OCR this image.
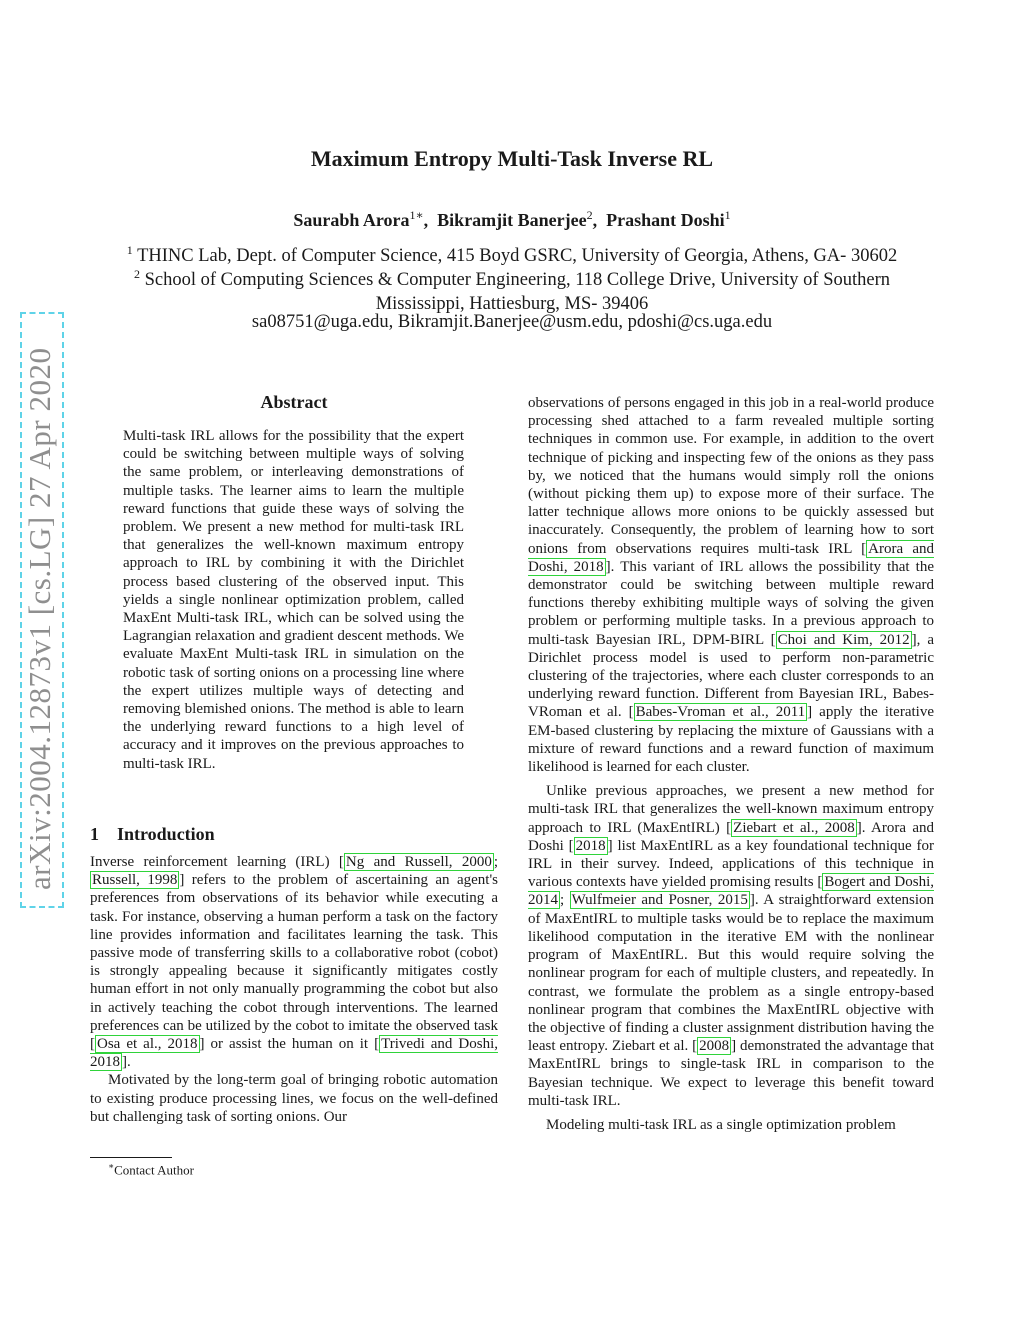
arXiv:2004.12873v1 [cs.LG] 27 Apr 2020
Maximum Entropy Multi-Task Inverse RL
Saurabh Arora$^{1∗}$,  Bikramjit Banerjee$^2$,  Prashant Doshi$^1$
$^1$ THINC Lab, Dept. of Computer Science, 415 Boyd GSRC, University of Georgia, Athens, GA- 30602
$^2$ School of Computing Sciences & Computer Engineering, 118 College Drive, University of Southern Mississippi, Hattiesburg, MS- 39406
sa08751@uga.edu, Bikramjit.Banerjee@usm.edu, pdoshi@cs.uga.edu
Abstract

Multi-task IRL allows for the possibility that the expert could be switching between multiple ways of solving the same problem, or interleaving demonstrations of multiple tasks. The learner aims to learn the multiple reward functions that guide these ways of solving the problem. We present a new method for multi-task IRL that generalizes the well-known maximum entropy approach to IRL by combining it with the Dirichlet process based clustering of the observed input. This yields a single nonlinear optimization problem, called MaxEnt Multi-task IRL, which can be solved using the Lagrangian relaxation and gradient descent methods. We evaluate MaxEnt Multi-task IRL in simulation on the robotic task of sorting onions on a processing line where the expert utilizes multiple ways of detecting and removing blemished onions. The method is able to learn the underlying reward functions to a high level of accuracy and it improves on the previous approaches to multi-task IRL.

1 Introduction

Inverse reinforcement learning (IRL) [ Ng and Russell, 2000 ; Russell, 1998 ] refers to the problem of ascertaining an agent's preferences from observations of its behavior while executing a task. For instance, observing a human perform a task on the factory line provides information and facilitates learning the task. This passive mode of transferring skills to a collaborative robot (cobot) is strongly appealing because it significantly mitigates costly human effort in not only manually programming the cobot but also in actively teaching the cobot through interventions. The learned preferences can be utilized by the cobot to imitate the observed task [ Osa et al., 2018 ] or assist the human on it [ Trivedi and Doshi, 2018 ].

Motivated by the long-term goal of bringing robotic automation to existing produce processing lines, we focus on the well-defined but challenging task of sorting onions. Our

∗Contact Author

observations of persons engaged in this job in a real-world produce processing shed attached to a farm revealed multiple sorting techniques in common use. For example, in addition to the overt technique of picking and inspecting few of the onions as they pass by, we noticed that the humans would simply roll the onions (without picking them up) to expose more of their surface. The latter technique allows more onions to be quickly assessed but inaccurately. Consequently, the problem of learning how to sort onions from observations requires multi-task IRL [ Arora and Doshi, 2018 ]. This variant of IRL allows the possibility that the demonstrator could be switching between multiple reward functions thereby exhibiting multiple ways of solving the given problem or performing multiple tasks. In a previous approach to multi-task Bayesian IRL, DPM-BIRL [ Choi and Kim, 2012 ], a Dirichlet process model is used to perform non-parametric clustering of the trajectories, where each cluster corresponds to an underlying reward function. Different from Bayesian IRL, Babes-VRoman et al. [ Babes-Vroman et al., 2011 ] apply the iterative EM-based clustering by replacing the mixture of Gaussians with a mixture of reward functions and a reward function of maximum likelihood is learned for each cluster.

Unlike previous approaches, we present a new method for multi-task IRL that generalizes the well-known maximum entropy approach to IRL (MaxEntIRL) [ Ziebart et al., 2008 ]. Arora and Doshi [ 2018 ] list MaxEntIRL as a key foundational technique for IRL in their survey. Indeed, applications of this technique in various contexts have yielded promising results [ Bogert and Doshi, 2014 ; Wulfmeier and Posner, 2015 ]. A straightforward extension of MaxEntIRL to multiple tasks would be to replace the maximum likelihood computation in the iterative EM with the nonlinear program of MaxEntIRL. But this would require solving the nonlinear program for each of multiple clusters, and repeatedly. In contrast, we formulate the problem as a single entropy-based nonlinear program that combines the MaxEntIRL objective with the objective of finding a cluster assignment distribution having the least entropy. Ziebart et al. [ 2008 ] demonstrated the advantage that MaxEntIRL brings to single-task IRL in comparison to the Bayesian technique. We expect to leverage this benefit toward multi-task IRL.

Modeling multi-task IRL as a single optimization problem
